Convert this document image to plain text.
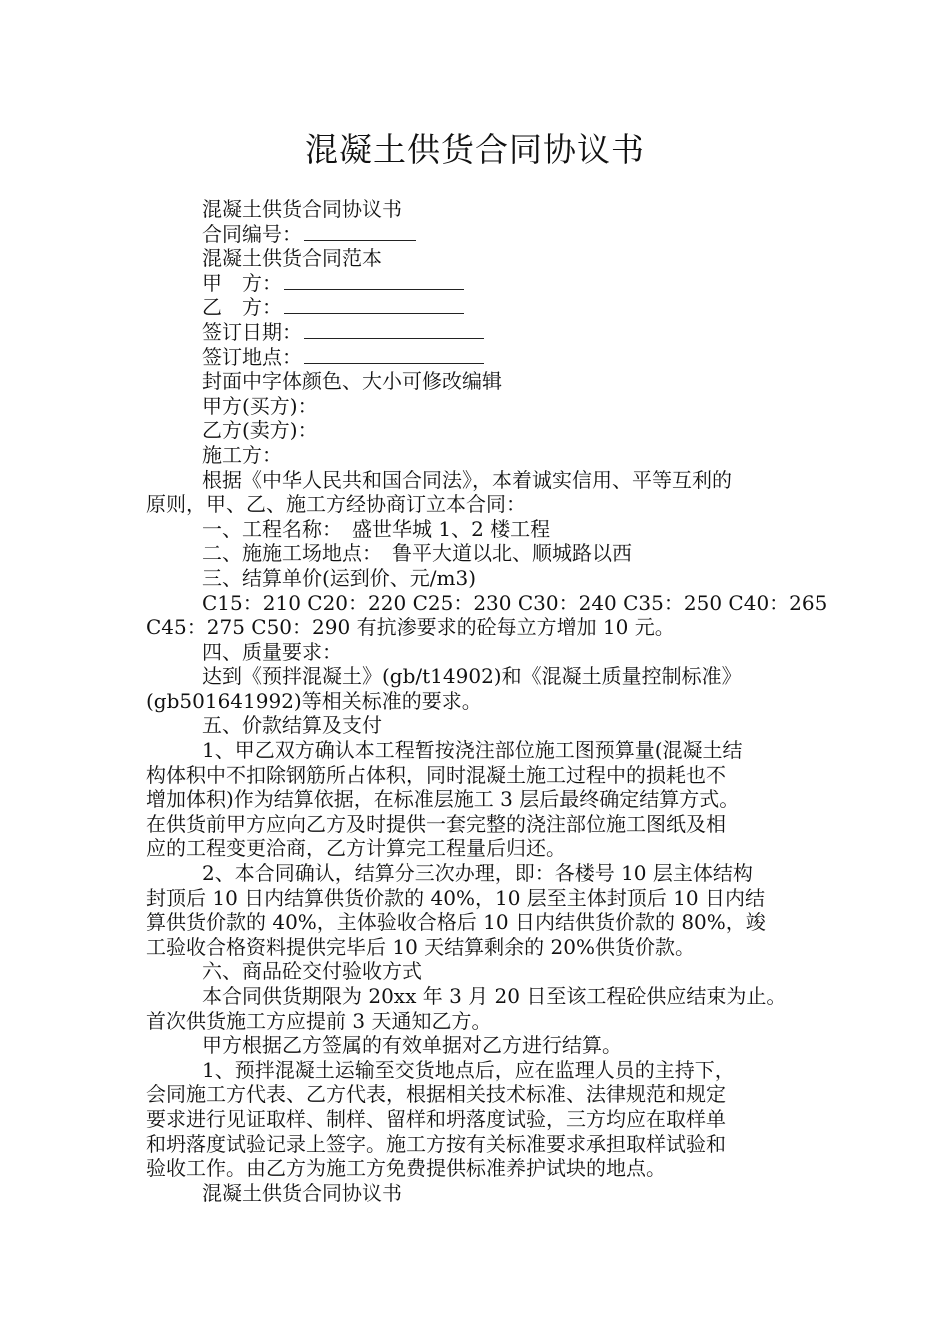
混凝土供货合同协议书

混凝土供货合同协议书

合同编号：

混凝土供货合同范本

甲　方：

乙　方：

签订日期：

签订地点：

封面中字体颜色、大小可修改编辑

甲方(买方)：

乙方(卖方)：

施工方：

根据《中华人民共和国合同法》，本着诚实信用、平等互利的

原则，甲、乙、施工方经协商订立本合同：

一、工程名称：　盛世华城 1、2 楼工程

二、施施工场地点：　鲁平大道以北、顺城路以西

三、结算单价(运到价、元/m3)

C15：210 C20：220 C25：230 C30：240 C35：250 C40：265

C45：275 C50：290 有抗渗要求的砼每立方增加 10 元。

四、质量要求：

达到《预拌混凝土》(gb/t14902)和《混凝土质量控制标准》

(gb501641992)等相关标准的要求。

五、价款结算及支付

1、甲乙双方确认本工程暂按浇注部位施工图预算量(混凝土结

构体积中不扣除钢筋所占体积，同时混凝土施工过程中的损耗也不

增加体积)作为结算依据，在标准层施工 3 层后最终确定结算方式。

在供货前甲方应向乙方及时提供一套完整的浇注部位施工图纸及相

应的工程变更洽商，乙方计算完工程量后归还。

2、本合同确认，结算分三次办理，即：各楼号 10 层主体结构

封顶后 10 日内结算供货价款的 40%，10 层至主体封顶后 10 日内结

算供货价款的 40%，主体验收合格后 10 日内结供货价款的 80%，竣

工验收合格资料提供完毕后 10 天结算剩余的 20%供货价款。

六、商品砼交付验收方式

本合同供货期限为 20xx 年 3 月 20 日至该工程砼供应结束为止。

首次供货施工方应提前 3 天通知乙方。

甲方根据乙方签属的有效单据对乙方进行结算。

1、预拌混凝土运输至交货地点后，应在监理人员的主持下，

会同施工方代表、乙方代表，根据相关技术标准、法律规范和规定

要求进行见证取样、制样、留样和坍落度试验，三方均应在取样单

和坍落度试验记录上签字。施工方按有关标准要求承担取样试验和

验收工作。由乙方为施工方免费提供标准养护试块的地点。

混凝土供货合同协议书
